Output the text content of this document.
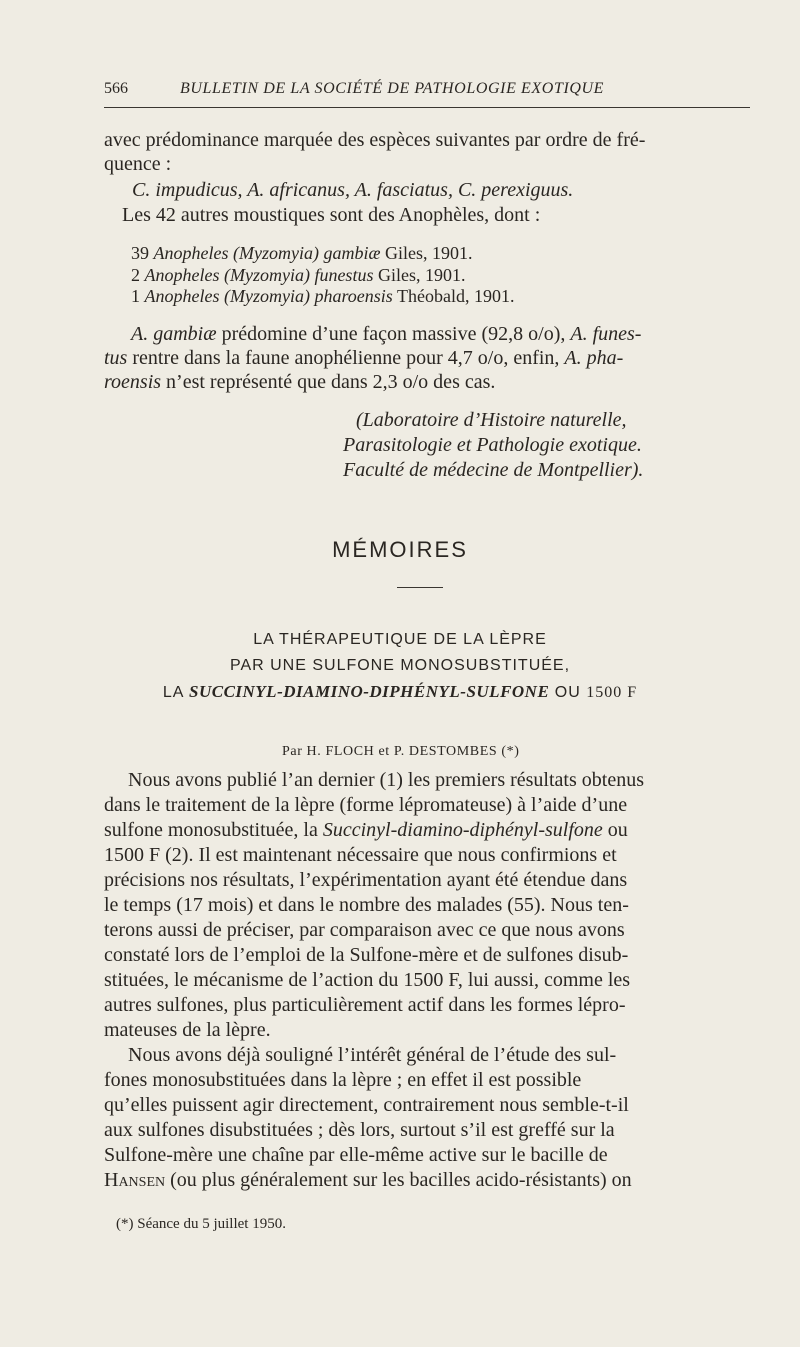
566	BULLETIN DE LA SOCIÉTÉ DE PATHOLOGIE EXOTIQUE
avec prédominance marquée des espèces suivantes par ordre de fré-
quence :
C. impudicus, A. africanus, A. fasciatus, C. perexiguus.
Les 42 autres moustiques sont des Anophèles, dont :
39 Anopheles (Myzomyia) gambiæ Giles, 1901.
2 Anopheles (Myzomyia) funestus Giles, 1901.
1 Anopheles (Myzomyia) pharoensis Théobald, 1901.
A. gambiæ prédomine d’une façon massive (92,8 o/o), A. funes-
tus rentre dans la faune anophélienne pour 4,7 o/o, enfin, A. pha-
roensis n’est représenté que dans 2,3 o/o des cas.
(Laboratoire d’Histoire naturelle,
Parasitologie et Pathologie exotique.
Faculté de médecine de Montpellier).
MÉMOIRES
LA THÉRAPEUTIQUE DE LA LÈPRE
PAR UNE SULFONE MONOSUBSTITUÉE,
LA SUCCINYL-DIAMINO-DIPHÉNYL-SULFONE OU 1500 F
Par H. FLOCH et P. DESTOMBES (*)
Nous avons publié l’an dernier (1) les premiers résultats obtenus
dans le traitement de la lèpre (forme lépromateuse) à l’aide d’une
sulfone monosubstituée, la Succinyl-diamino-diphényl-sulfone ou
1500 F (2). Il est maintenant nécessaire que nous confirmions et
précisions nos résultats, l’expérimentation ayant été étendue dans
le temps (17 mois) et dans le nombre des malades (55). Nous ten-
terons aussi de préciser, par comparaison avec ce que nous avons
constaté lors de l’emploi de la Sulfone-mère et de sulfones disub-
stituées, le mécanisme de l’action du 1500 F, lui aussi, comme les
autres sulfones, plus particulièrement actif dans les formes lépro-
mateuses de la lèpre.
Nous avons déjà souligné l’intérêt général de l’étude des sul-
fones monosubstituées dans la lèpre ; en effet il est possible
qu’elles puissent agir directement, contrairement nous semble-t-il
aux sulfones disubstituées ; dès lors, surtout s’il est greffé sur la
Sulfone-mère une chaîne par elle-même active sur le bacille de
Hansen (ou plus généralement sur les bacilles acido-résistants) on
(*) Séance du 5 juillet 1950.
